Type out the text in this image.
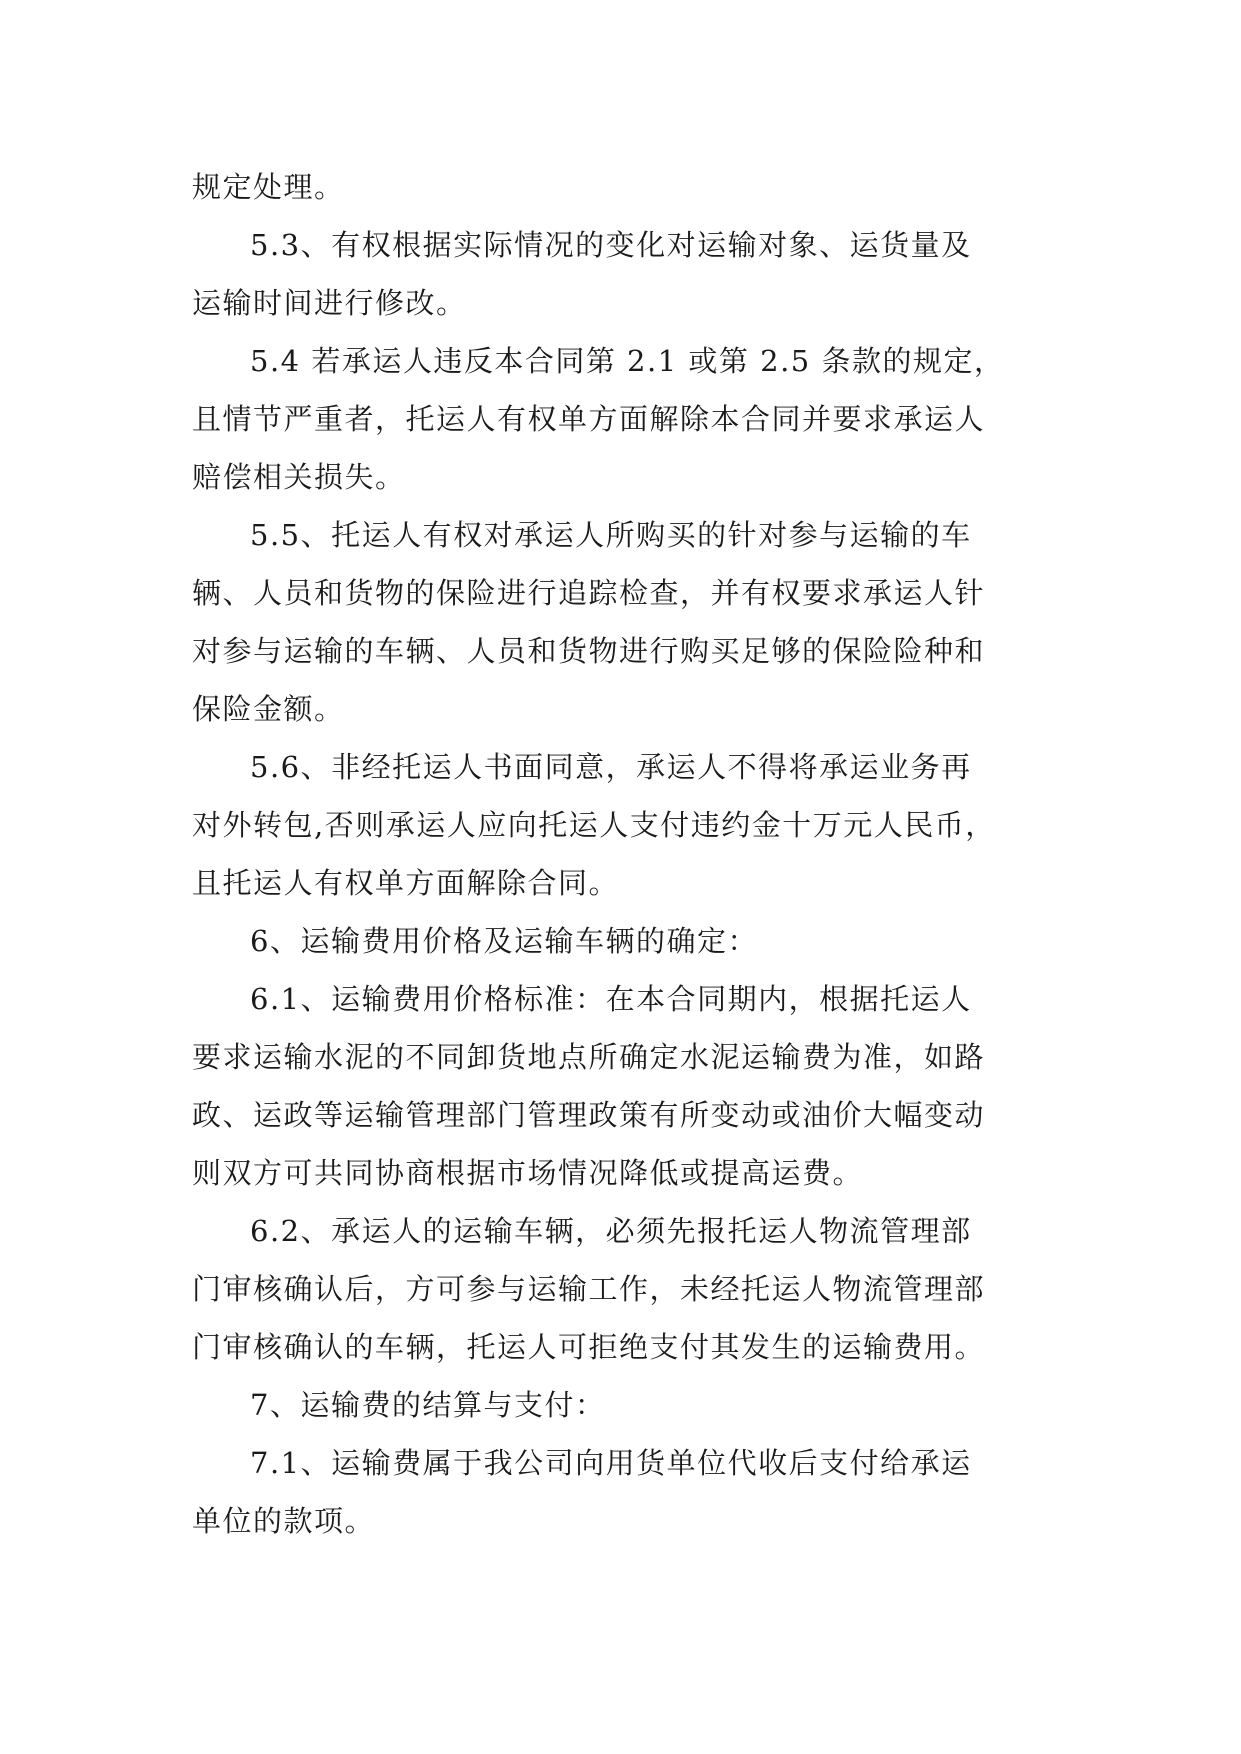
规定处理。
5.3、有权根据实际情况的变化对运输对象、运货量及
运输时间进行修改。
5.4 若承运人违反本合同第 2.1 或第 2.5 条款的规定，
且情节严重者，托运人有权单方面解除本合同并要求承运人
赔偿相关损失。
5.5、托运人有权对承运人所购买的针对参与运输的车
辆、人员和货物的保险进行追踪检查，并有权要求承运人针
对参与运输的车辆、人员和货物进行购买足够的保险险种和
保险金额。
5.6、非经托运人书面同意，承运人不得将承运业务再
对外转包,否则承运人应向托运人支付违约金十万元人民币，
且托运人有权单方面解除合同。
6、运输费用价格及运输车辆的确定：
6.1、运输费用价格标准：在本合同期内，根据托运人
要求运输水泥的不同卸货地点所确定水泥运输费为准，如路
政、运政等运输管理部门管理政策有所变动或油价大幅变动
则双方可共同协商根据市场情况降低或提高运费。
6.2、承运人的运输车辆，必须先报托运人物流管理部
门审核确认后，方可参与运输工作，未经托运人物流管理部
门审核确认的车辆，托运人可拒绝支付其发生的运输费用。
7、运输费的结算与支付：
7.1、运输费属于我公司向用货单位代收后支付给承运
单位的款项。
